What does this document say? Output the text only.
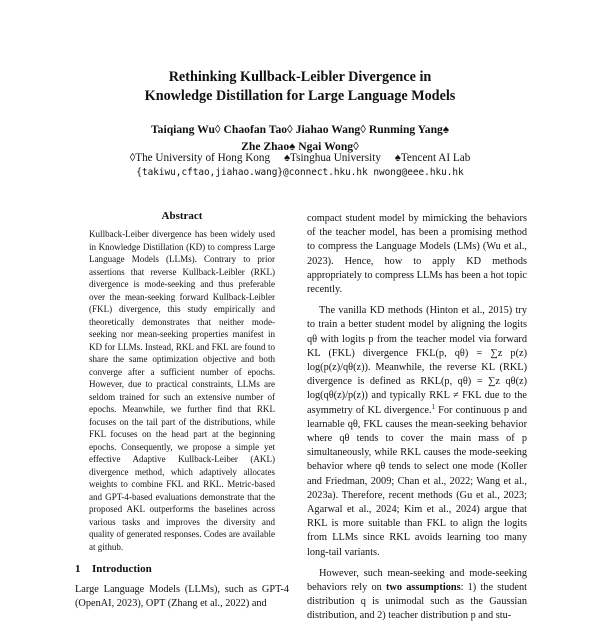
Rethinking Kullback-Leibler Divergence in
Knowledge Distillation for Large Language Models
Taiqiang Wu◊ Chaofan Tao◊ Jiahao Wang◊ Runming Yang♠
Zhe Zhao♠ Ngai Wong◊
◊The University of Hong Kong ♠Tsinghua University ♠Tencent AI Lab
{takiwu,cftao,jiahao.wang}@connect.hku.hk nwong@eee.hku.hk
Abstract
Kullback-Leiber divergence has been widely used in Knowledge Distillation (KD) to compress Large Language Models (LLMs). Contrary to prior assertions that reverse Kullback-Leibler (RKL) divergence is mode-seeking and thus preferable over the mean-seeking forward Kullback-Leibler (FKL) divergence, this study empirically and theoretically demonstrates that neither mode-seeking nor mean-seeking properties manifest in KD for LLMs. Instead, RKL and FKL are found to share the same optimization objective and both converge after a sufficient number of epochs. However, due to practical constraints, LLMs are seldom trained for such an extensive number of epochs. Meanwhile, we further find that RKL focuses on the tail part of the distributions, while FKL focuses on the head part at the beginning epochs. Consequently, we propose a simple yet effective Adaptive Kullback-Leiber (AKL) divergence method, which adaptively allocates weights to combine FKL and RKL. Metric-based and GPT-4-based evaluations demonstrate that the proposed AKL outperforms the baselines across various tasks and improves the diversity and quality of generated responses. Codes are available at github.
1 Introduction
Large Language Models (LLMs), such as GPT-4 (OpenAI, 2023), OPT (Zhang et al., 2022) and

compact student model by mimicking the behaviors of the teacher model, has been a promising method to compress the Language Models (LMs) (Wu et al., 2023). Hence, how to apply KD methods appropriately to compress LLMs has been a hot topic recently.

The vanilla KD methods (Hinton et al., 2015) try to train a better student model by aligning the logits qθ with logits p from the teacher model via forward KL (FKL) divergence FKL(p, qθ) = ∑z p(z) log(p(z)/qθ(z)). Meanwhile, the reverse KL (RKL) divergence is defined as RKL(p, qθ) = ∑z qθ(z) log(qθ(z)/p(z)) and typically RKL ≠ FKL due to the asymmetry of KL divergence.$^1$ For continuous p and learnable qθ, FKL causes the mean-seeking behavior where qθ tends to cover the main mass of p simultaneously, while RKL causes the mode-seeking behavior where qθ tends to select one mode (Koller and Friedman, 2009; Chan et al., 2022; Wang et al., 2023a). Therefore, recent methods (Gu et al., 2023; Agarwal et al., 2024; Kim et al., 2024) argue that RKL is more suitable than FKL to align the logits from LLMs since RKL avoids learning too many long-tail variants.

However, such mean-seeking and mode-seeking behaviors rely on two assumptions: 1) the student distribution q is unimodal such as the Gaussian distribution, and 2) teacher distribution p and stu-
